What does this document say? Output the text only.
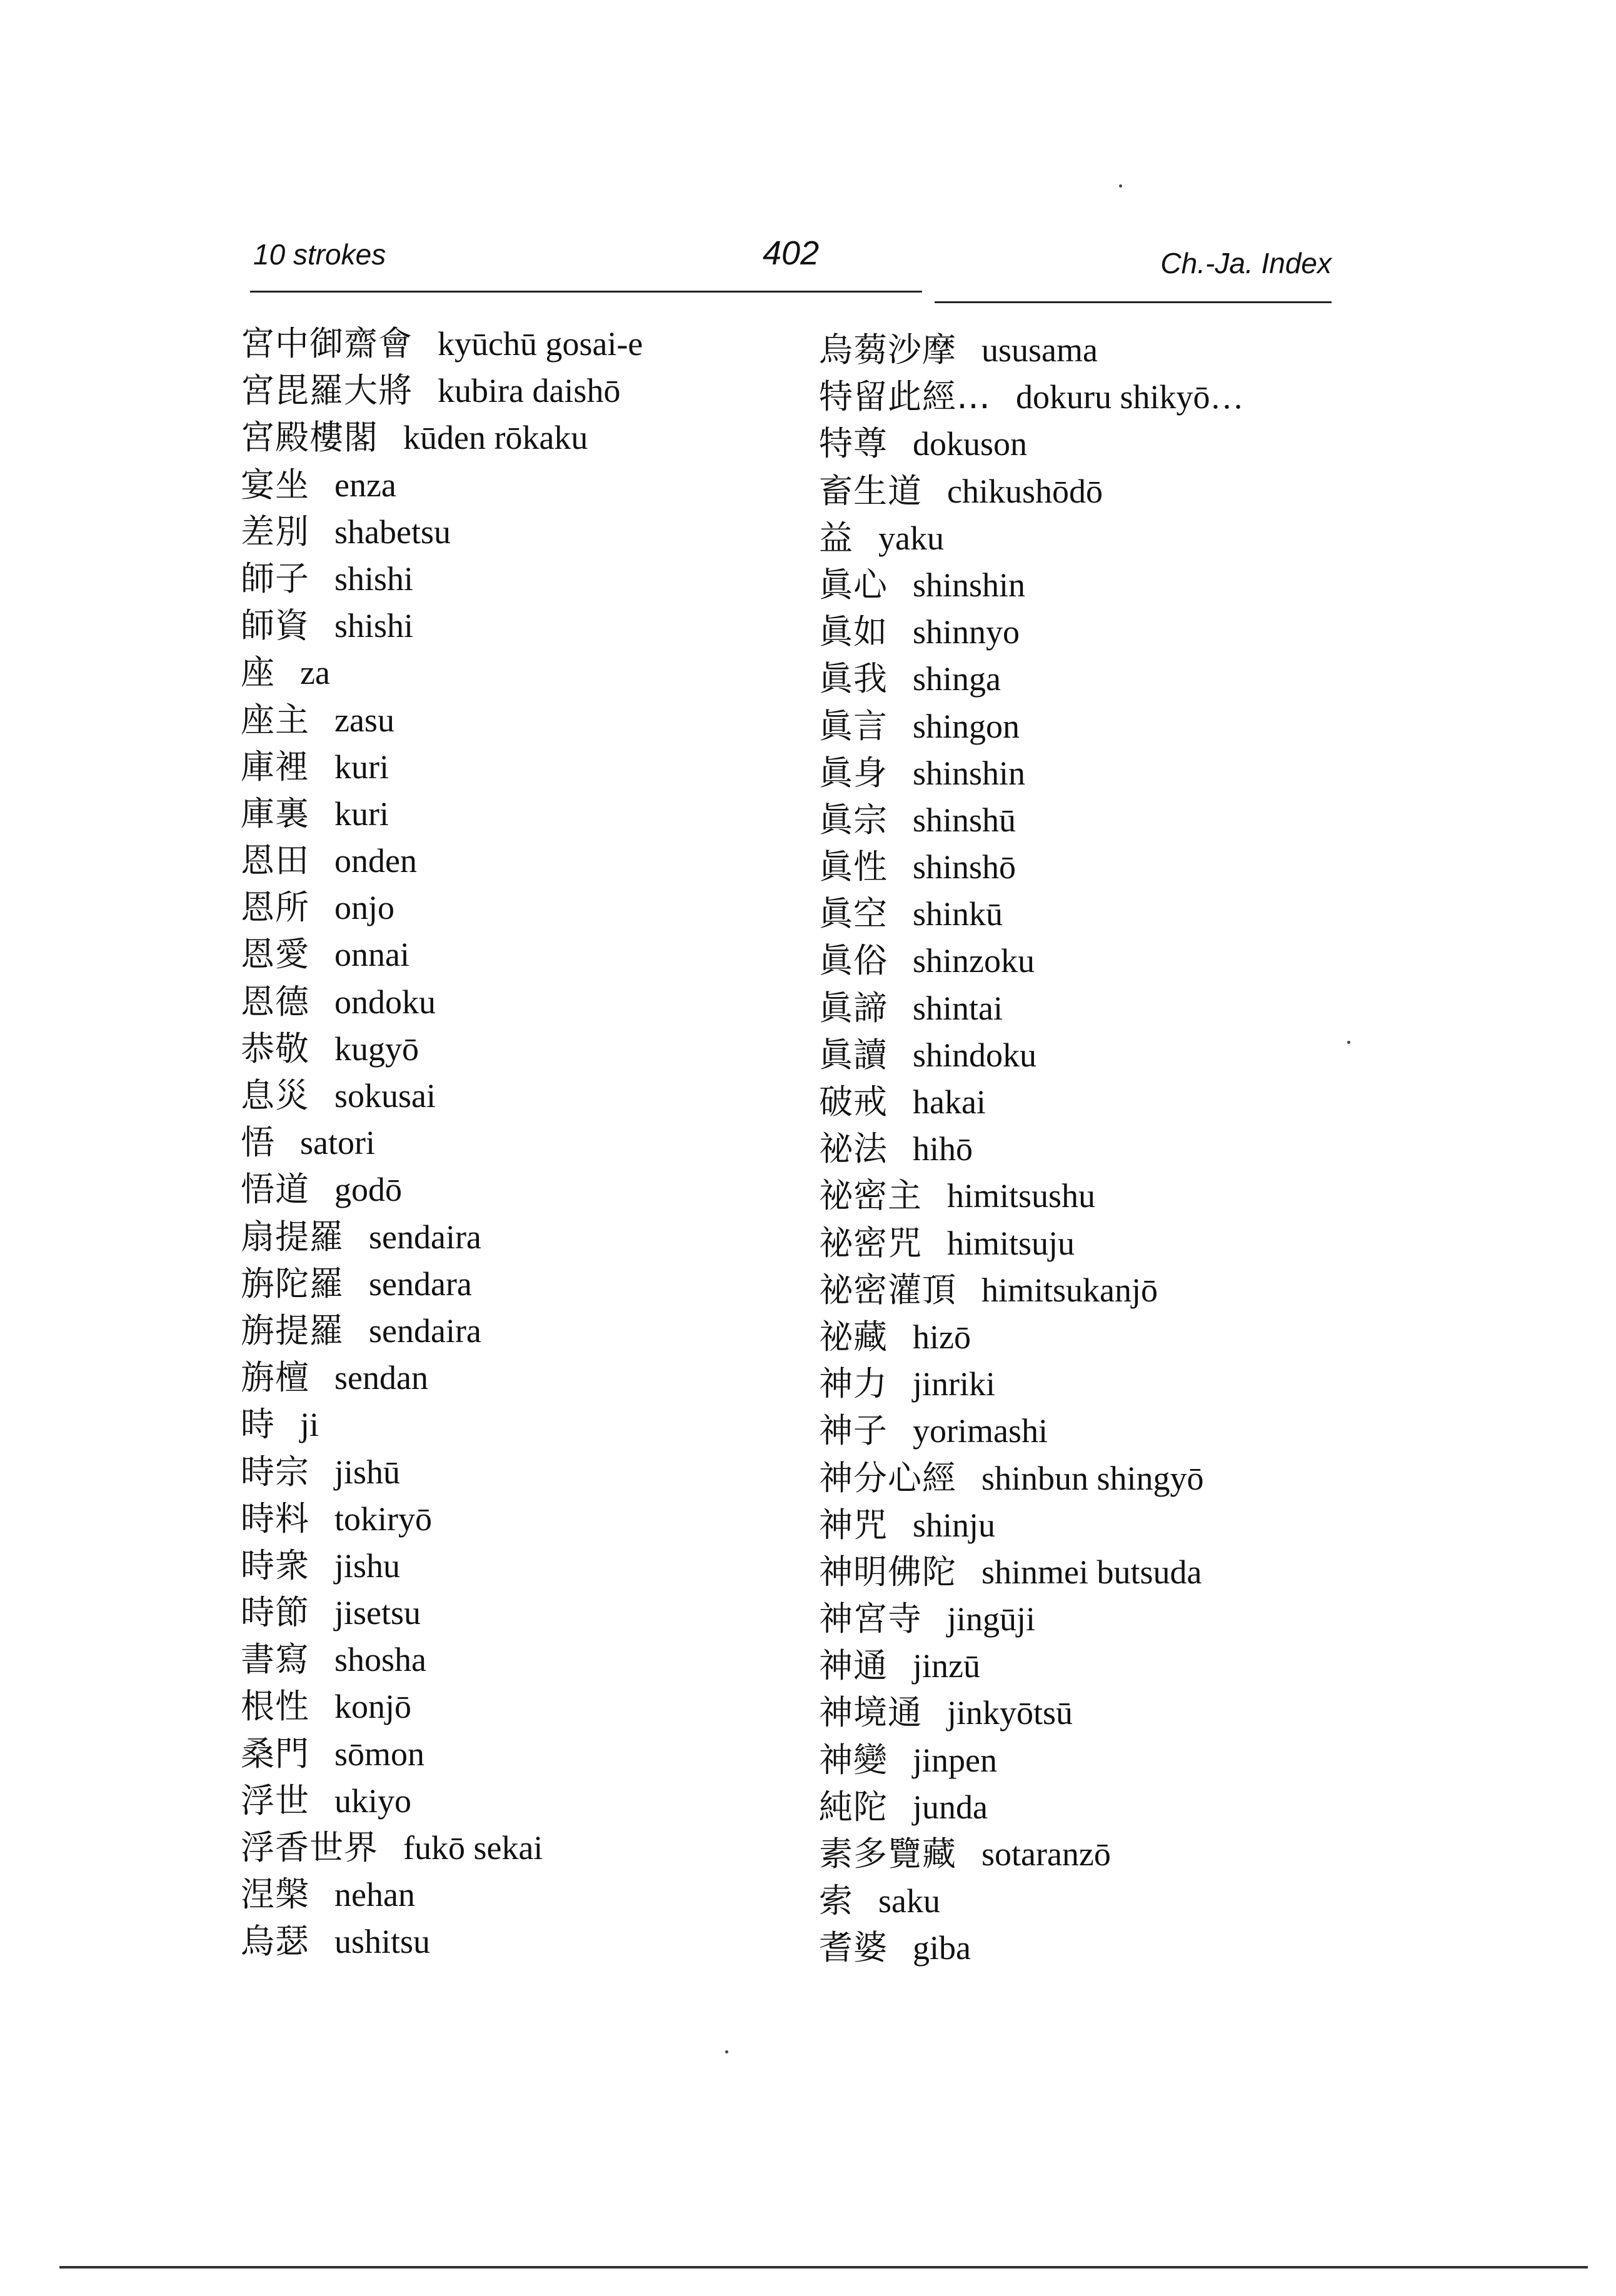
10 strokes	402	Ch.-Ja. Index
宮中御齋會 kyūchū gosai-e
宮毘羅大將 kubira daishō
宮殿樓閣 kūden rōkaku
宴坐 enza
差別 shabetsu
師子 shishi
師資 shishi
座 za
座主 zasu
庫裡 kuri
庫裏 kuri
恩田 onden
恩所 onjo
恩愛 onnai
恩德 ondoku
恭敬 kugyō
息災 sokusai
悟 satori
悟道 godō
扇提羅 sendaira
旃陀羅 sendara
旃提羅 sendaira
旃檀 sendan
時 ji
時宗 jishū
時料 tokiryō
時衆 jishu
時節 jisetsu
書寫 shosha
根性 konjō
桑門 sōmon
浮世 ukiyo
浮香世界 fukō sekai
涅槃 nehan
烏瑟 ushitsu
烏蒭沙摩 ususama
特留此經… dokuru shikyō…
特尊 dokuson
畜生道 chikushōdō
益 yaku
眞心 shinshin
眞如 shinnyo
眞我 shinga
眞言 shingon
眞身 shinshin
眞宗 shinshū
眞性 shinshō
眞空 shinkū
眞俗 shinzoku
眞諦 shintai
眞讀 shindoku
破戒 hakai
祕法 hihō
祕密主 himitsushu
祕密咒 himitsuju
祕密灌頂 himitsukanjō
祕藏 hizō
神力 jinriki
神子 yorimashi
神分心經 shinbun shingyō
神咒 shinju
神明佛陀 shinmei butsuda
神宮寺 jingūji
神通 jinzū
神境通 jinkyōtsū
神變 jinpen
純陀 junda
素多覽藏 sotaranzō
索 saku
耆婆 giba
